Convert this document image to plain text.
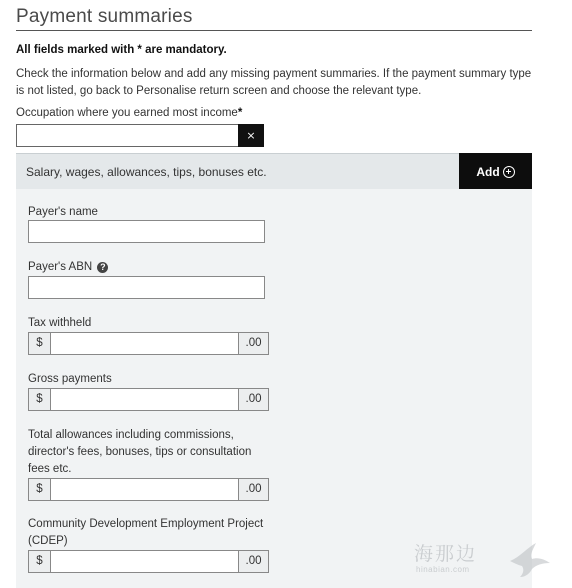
Payment summaries

All fields marked with * are mandatory.

Check the information below and add any missing payment summaries. If the payment summary type is not listed, go back to Personalise return screen and choose the relevant type.

Occupation where you earned most income*
×
Salary, wages, allowances, tips, bonuses etc.	Add
Payer's name
Payer's ABN ?
Tax withheld
$	.00
Gross payments
$	.00
Total allowances including commissions,
director's fees, bonuses, tips or consultation
fees etc.
$	.00
Community Development Employment Project
(CDEP)
$	.00	海那边
hinabian.com
